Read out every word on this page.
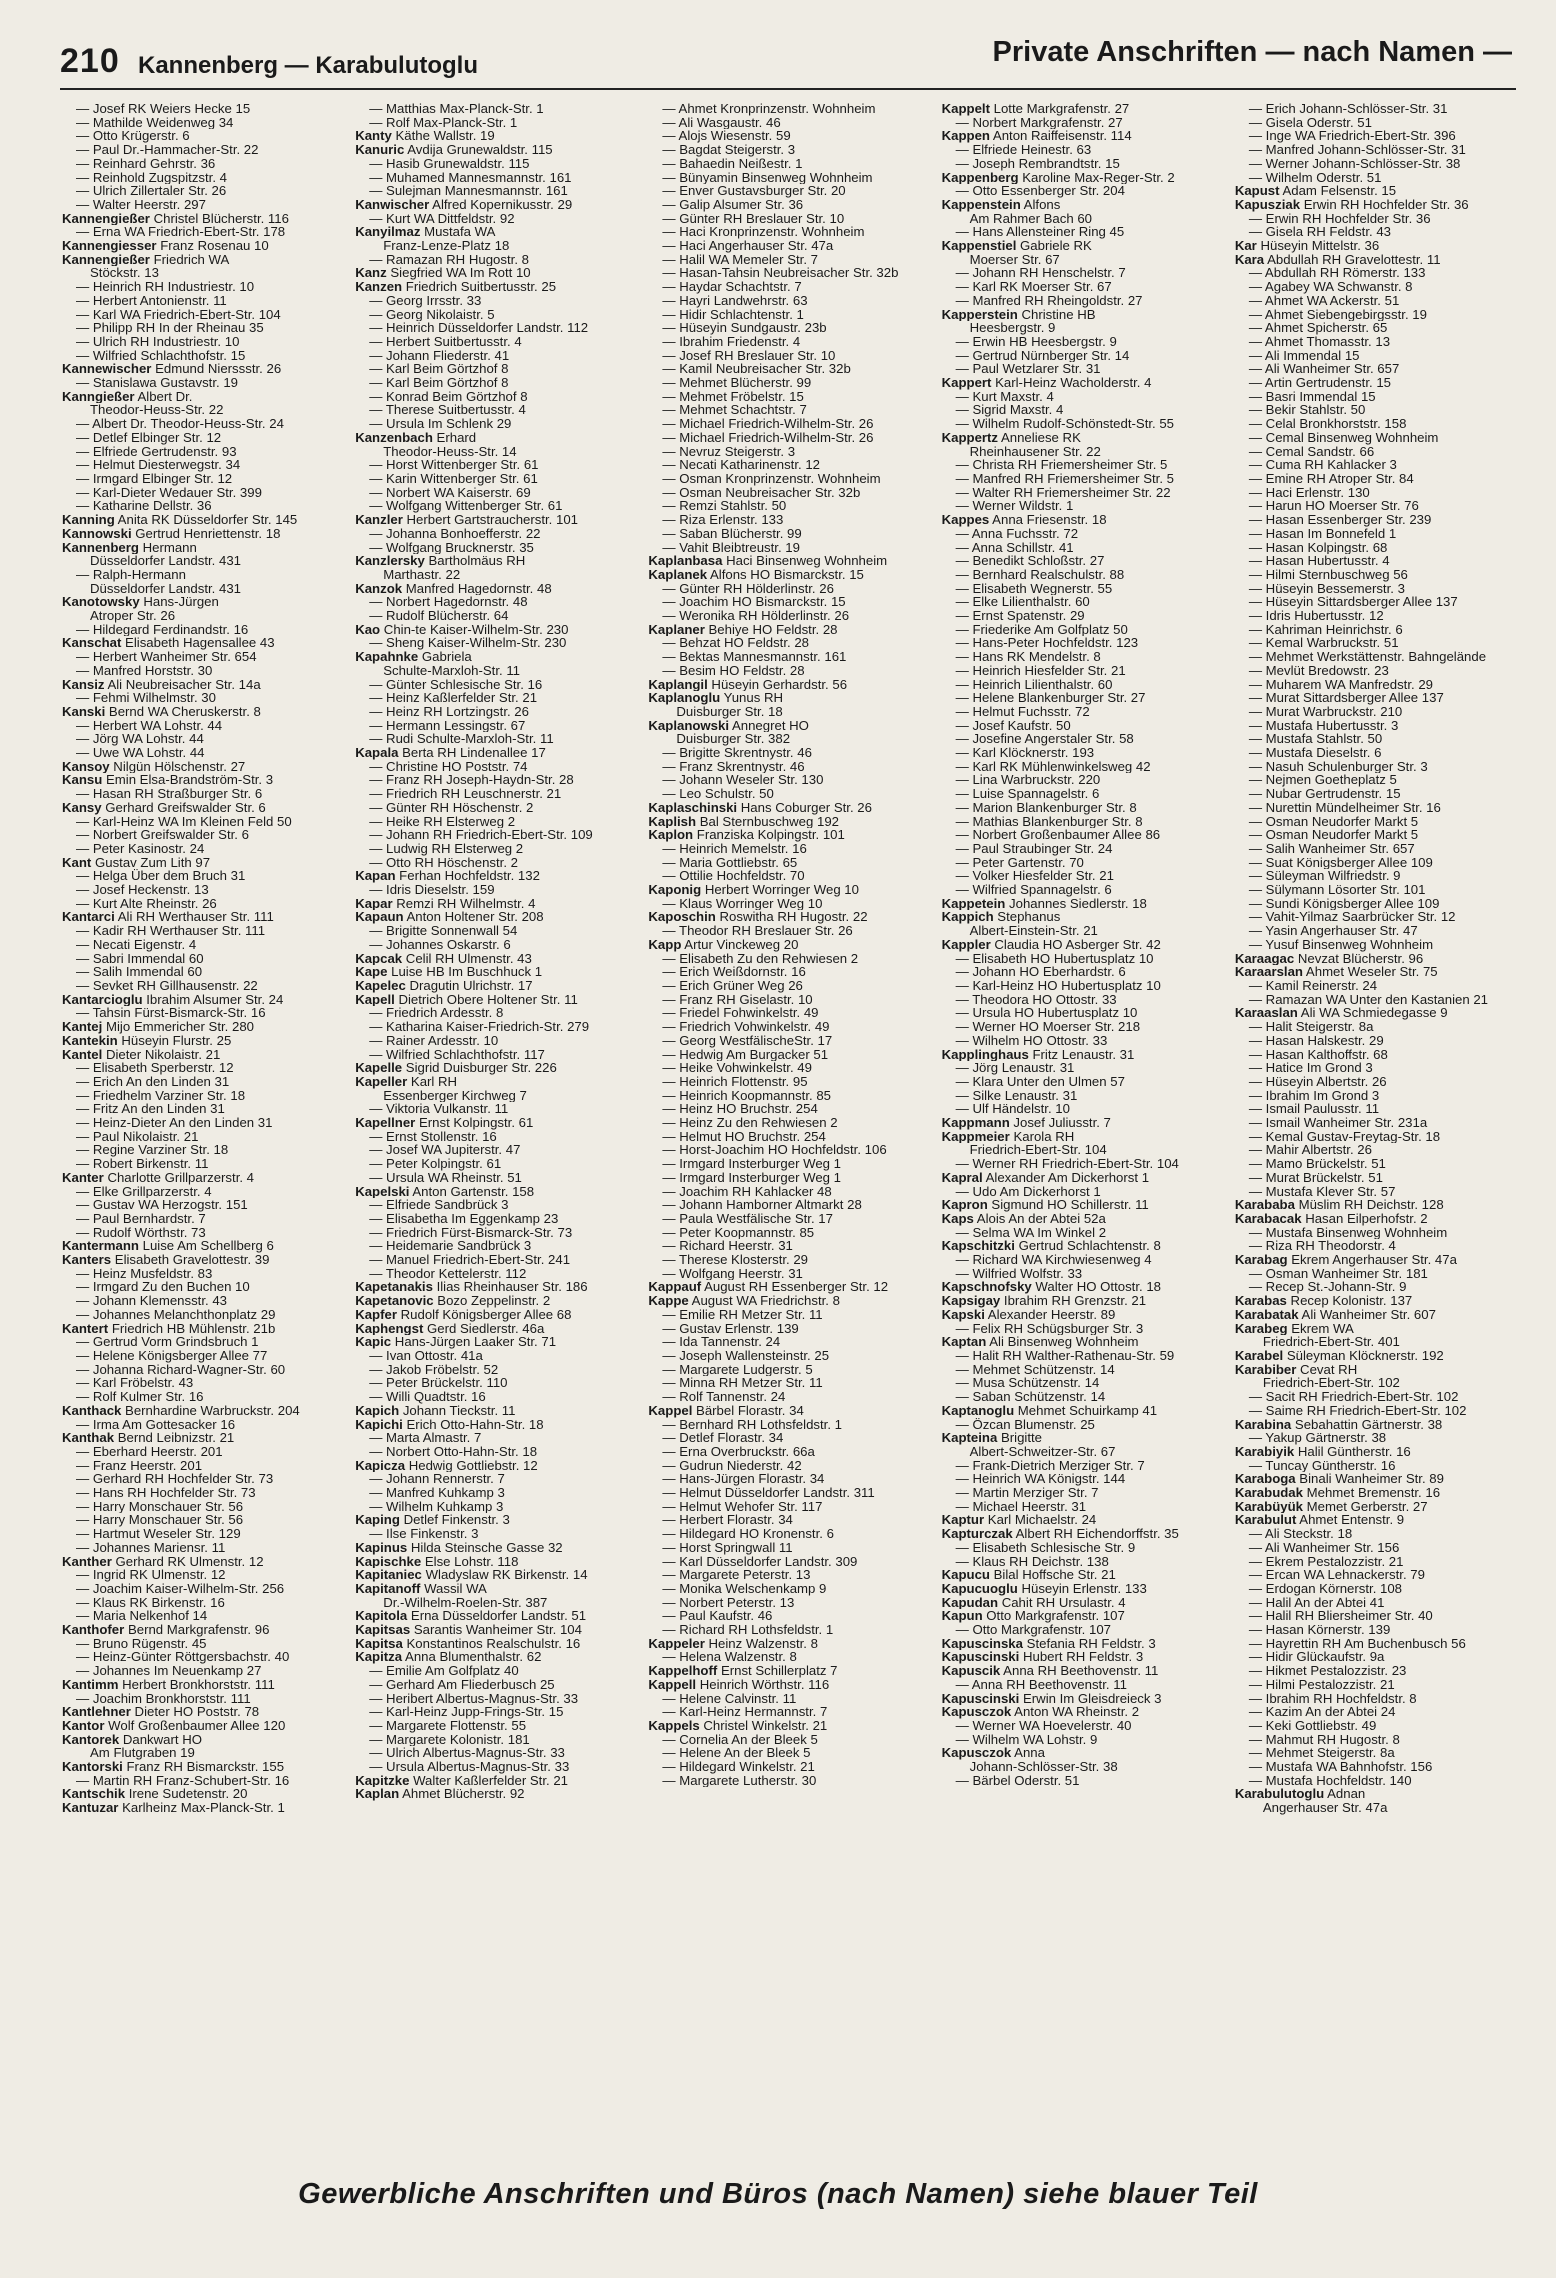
210 Kannenberg — Karabulutoglu	Private Anschriften — nach Namen —
— Josef RK Weiers Hecke 15
— Mathilde Weidenweg 34
— Otto Krügerstr. 6
— Paul Dr.-Hammacher-Str. 22
— Reinhard Gehrstr. 36
— Reinhold Zugspitzstr. 4
— Ulrich Zillertaler Str. 26
— Walter Heerstr. 297
Kannengießer Christel Blücherstr. 116
— Erna WA Friedrich-Ebert-Str. 178
Kannengiesser Franz Rosenau 10
Kannengießer Friedrich WA
Stöckstr. 13
— Heinrich RH Industriestr. 10
— Herbert Antonienstr. 11
— Karl WA Friedrich-Ebert-Str. 104
— Philipp RH In der Rheinau 35
— Ulrich RH Industriestr. 10
— Wilfried Schlachthofstr. 15
Kannewischer Edmund Nierssstr. 26
— Stanislawa Gustavstr. 19
Kanngießer Albert Dr.
Theodor-Heuss-Str. 22
— Albert Dr. Theodor-Heuss-Str. 24
— Detlef Elbinger Str. 12
— Elfriede Gertrudenstr. 93
— Helmut Diesterwegstr. 34
— Irmgard Elbinger Str. 12
— Karl-Dieter Wedauer Str. 399
— Katharine Dellstr. 36
Kanning Anita RK Düsseldorfer Str. 145
Kannowski Gertrud Henriettenstr. 18
Kannenberg Hermann
Düsseldorfer Landstr. 431
— Ralph-Hermann
Düsseldorfer Landstr. 431
Kanotowsky Hans-Jürgen
Atroper Str. 26
— Hildegard Ferdinandstr. 16
Kanschat Elisabeth Hagensallee 43
— Herbert Wanheimer Str. 654
— Manfred Horststr. 30
Kansiz Ali Neubreisacher Str. 14a
— Fehmi Wilhelmstr. 30
Kanski Bernd WA Cheruskerstr. 8
— Herbert WA Lohstr. 44
— Jörg WA Lohstr. 44
— Uwe WA Lohstr. 44
Kansoy Nilgün Hölschenstr. 27
Kansu Emin Elsa-Brandström-Str. 3
— Hasan RH Straßburger Str. 6
Kansy Gerhard Greifswalder Str. 6
— Karl-Heinz WA Im Kleinen Feld 50
— Norbert Greifswalder Str. 6
— Peter Kasinostr. 24
Kant Gustav Zum Lith 97
— Helga Über dem Bruch 31
— Josef Heckenstr. 13
— Kurt Alte Rheinstr. 26
Kantarci Ali RH Werthauser Str. 111
— Kadir RH Werthauser Str. 111
— Necati Eigenstr. 4
— Sabri Immendal 60
— Salih Immendal 60
— Sevket RH Gillhausenstr. 22
Kantarcioglu Ibrahim Alsumer Str. 24
— Tahsin Fürst-Bismarck-Str. 16
Kantej Mijo Emmericher Str. 280
Kantekin Hüseyin Flurstr. 25
Kantel Dieter Nikolaistr. 21
— Elisabeth Sperberstr. 12
— Erich An den Linden 31
— Friedhelm Varziner Str. 18
— Fritz An den Linden 31
— Heinz-Dieter An den Linden 31
— Paul Nikolaistr. 21
— Regine Varziner Str. 18
— Robert Birkenstr. 11
Kanter Charlotte Grillparzerstr. 4
— Elke Grillparzerstr. 4
— Gustav WA Herzogstr. 151
— Paul Bernhardstr. 7
— Rudolf Wörthstr. 73
Kantermann Luise Am Schellberg 6
Kanters Elisabeth Gravelottestr. 39
— Heinz Musfeldstr. 83
— Irmgard Zu den Buchen 10
— Johann Klemensstr. 43
— Johannes Melanchthonplatz 29
Kantert Friedrich HB Mühlenstr. 21b
— Gertrud Vorm Grindsbruch 1
— Helene Königsberger Allee 77
— Johanna Richard-Wagner-Str. 60
— Karl Fröbelstr. 43
— Rolf Kulmer Str. 16
Kanthack Bernhardine Warbruckstr. 204
— Irma Am Gottesacker 16
Kanthak Bernd Leibnizstr. 21
— Eberhard Heerstr. 201
— Franz Heerstr. 201
— Gerhard RH Hochfelder Str. 73
— Hans RH Hochfelder Str. 73
— Harry Monschauer Str. 56
— Harry Monschauer Str. 56
— Hartmut Weseler Str. 129
— Johannes Mariensr. 11
Kanther Gerhard RK Ulmenstr. 12
— Ingrid RK Ulmenstr. 12
— Joachim Kaiser-Wilhelm-Str. 256
— Klaus RK Birkenstr. 16
— Maria Nelkenhof 14
Kanthofer Bernd Markgrafenstr. 96
— Bruno Rügenstr. 45
— Heinz-Günter Röttgersbachstr. 40
— Johannes Im Neuenkamp 27
Kantimm Herbert Bronkhorststr. 111
— Joachim Bronkhorststr. 111
Kantlehner Dieter HO Poststr. 78
Kantor Wolf Großenbaumer Allee 120
Kantorek Dankwart HO
Am Flutgraben 19
Kantorski Franz RH Bismarckstr. 155
— Martin RH Franz-Schubert-Str. 16
Kantschik Irene Sudetenstr. 20
Kantuzar Karlheinz Max-Planck-Str. 1
— Matthias Max-Planck-Str. 1
— Rolf Max-Planck-Str. 1
Kanty Käthe Wallstr. 19
Kanuric Avdija Grunewaldstr. 115
— Hasib Grunewaldstr. 115
— Muhamed Mannesmannstr. 161
— Sulejman Mannesmannstr. 161
Kanwischer Alfred Kopernikusstr. 29
— Kurt WA Dittfeldstr. 92
Kanyilmaz Mustafa WA
Franz-Lenze-Platz 18
— Ramazan RH Hugostr. 8
Kanz Siegfried WA Im Rott 10
Kanzen Friedrich Suitbertusstr. 25
— Georg Irrsstr. 33
— Georg Nikolaistr. 5
— Heinrich Düsseldorfer Landstr. 112
— Herbert Suitbertusstr. 4
— Johann Fliederstr. 41
— Karl Beim Görtzhof 8
— Karl Beim Görtzhof 8
— Konrad Beim Görtzhof 8
— Therese Suitbertusstr. 4
— Ursula Im Schlenk 29
Kanzenbach Erhard
Theodor-Heuss-Str. 14
— Horst Wittenberger Str. 61
— Karin Wittenberger Str. 61
— Norbert WA Kaiserstr. 69
— Wolfgang Wittenberger Str. 61
Kanzler Herbert Gartstraucherstr. 101
— Johanna Bonhoefferstr. 22
— Wolfgang Brucknerstr. 35
Kanzlersky Bartholmäus RH
Marthastr. 22
Kanzok Manfred Hagedornstr. 48
— Norbert Hagedornstr. 48
— Rudolf Blücherstr. 64
Kao Chin-te Kaiser-Wilhelm-Str. 230
— Sheng Kaiser-Wilhelm-Str. 230
Kapahnke Gabriela
Schulte-Marxloh-Str. 11
— Günter Schlesische Str. 16
— Heinz Kaßlerfelder Str. 21
— Heinz RH Lortzingstr. 26
— Hermann Lessingstr. 67
— Rudi Schulte-Marxloh-Str. 11
Kapala Berta RH Lindenallee 17
— Christine HO Poststr. 74
— Franz RH Joseph-Haydn-Str. 28
— Friedrich RH Leuschnerstr. 21
— Günter RH Höschenstr. 2
— Heike RH Elsterweg 2
— Johann RH Friedrich-Ebert-Str. 109
— Ludwig RH Elsterweg 2
— Otto RH Höschenstr. 2
Kapan Ferhan Hochfeldstr. 132
— Idris Dieselstr. 159
Kapar Remzi RH Wilhelmstr. 4
Kapaun Anton Holtener Str. 208
— Brigitte Sonnenwall 54
— Johannes Oskarstr. 6
Kapcak Celil RH Ulmenstr. 43
Kape Luise HB Im Buschhuck 1
Kapelec Dragutin Ulrichstr. 17
Kapell Dietrich Obere Holtener Str. 11
— Friedrich Ardesstr. 8
— Katharina Kaiser-Friedrich-Str. 279
— Rainer Ardesstr. 10
— Wilfried Schlachthofstr. 117
Kapelle Sigrid Duisburger Str. 226
Kapeller Karl RH
Essenberger Kirchweg 7
— Viktoria Vulkanstr. 11
Kapellner Ernst Kolpingstr. 61
— Ernst Stollenstr. 16
— Josef WA Jupiterstr. 47
— Peter Kolpingstr. 61
— Ursula WA Rheinstr. 51
Kapelski Anton Gartenstr. 158
— Elfriede Sandbrück 3
— Elisabetha Im Eggenkamp 23
— Friedrich Fürst-Bismarck-Str. 73
— Heidemarie Sandbrück 3
— Manuel Friedrich-Ebert-Str. 241
— Theodor Kettelerstr. 112
Kapetanakis Ilias Rheinhauser Str. 186
Kapetanovic Bozo Zeppelinstr. 2
Kapfer Rudolf Königsberger Allee 68
Kaphengst Gerd Siedlerstr. 46a
Kapic Hans-Jürgen Laaker Str. 71
— Ivan Ottostr. 41a
— Jakob Fröbelstr. 52
— Peter Brückelstr. 110
— Willi Quadtstr. 16
Kapich Johann Tieckstr. 11
Kapichi Erich Otto-Hahn-Str. 18
— Marta Almastr. 7
— Norbert Otto-Hahn-Str. 18
Kapicza Hedwig Gottliebstr. 12
— Johann Rennerstr. 7
— Manfred Kuhkamp 3
— Wilhelm Kuhkamp 3
Kaping Detlef Finkenstr. 3
— Ilse Finkenstr. 3
Kapinus Hilda Steinsche Gasse 32
Kapischke Else Lohstr. 118
Kapitaniec Wladyslaw RK Birkenstr. 14
Kapitanoff Wassil WA
Dr.-Wilhelm-Roelen-Str. 387
Kapitola Erna Düsseldorfer Landstr. 51
Kapitsas Sarantis Wanheimer Str. 104
Kapitsa Konstantinos Realschulstr. 16
Kapitza Anna Blumenthalstr. 62
— Emilie Am Golfplatz 40
— Gerhard Am Fliederbusch 25
— Heribert Albertus-Magnus-Str. 33
— Karl-Heinz Jupp-Frings-Str. 15
— Margarete Flottenstr. 55
— Margarete Kolonistr. 181
— Ulrich Albertus-Magnus-Str. 33
— Ursula Albertus-Magnus-Str. 33
Kapitzke Walter Kaßlerfelder Str. 21
Kaplan Ahmet Blücherstr. 92
— Ahmet Kronprinzenstr. Wohnheim
— Ali Wasgaustr. 46
— Alojs Wiesenstr. 59
— Bagdat Steigerstr. 3
— Bahaedin Neißestr. 1
— Bünyamin Binsenweg Wohnheim
— Enver Gustavsburger Str. 20
— Galip Alsumer Str. 36
— Günter RH Breslauer Str. 10
— Haci Kronprinzenstr. Wohnheim
— Haci Angerhauser Str. 47a
— Halil WA Memeler Str. 7
— Hasan-Tahsin Neubreisacher Str. 32b
— Haydar Schachtstr. 7
— Hayri Landwehrstr. 63
— Hidir Schlachtenstr. 1
— Hüseyin Sundgaustr. 23b
— Ibrahim Friedenstr. 4
— Josef RH Breslauer Str. 10
— Kamil Neubreisacher Str. 32b
— Mehmet Blücherstr. 99
— Mehmet Fröbelstr. 15
— Mehmet Schachtstr. 7
— Michael Friedrich-Wilhelm-Str. 26
— Michael Friedrich-Wilhelm-Str. 26
— Nevruz Steigerstr. 3
— Necati Katharinenstr. 12
— Osman Kronprinzenstr. Wohnheim
— Osman Neubreisacher Str. 32b
— Remzi Stahlstr. 50
— Riza Erlenstr. 133
— Saban Blücherstr. 99
— Vahit Bleibtreustr. 19
Kaplanbasa Haci Binsenweg Wohnheim
Kaplanek Alfons HO Bismarckstr. 15
— Günter RH Hölderlinstr. 26
— Joachim HO Bismarckstr. 15
— Weronika RH Hölderlinstr. 26
Kaplaner Behiye HO Feldstr. 28
— Behzat HO Feldstr. 28
— Bektas Mannesmannstr. 161
— Besim HO Feldstr. 28
Kaplangil Hüseyin Gerhardstr. 56
Kaplanoglu Yunus RH
Duisburger Str. 18
Kaplanowski Annegret HO
Duisburger Str. 382
— Brigitte Skrentnystr. 46
— Franz Skrentnystr. 46
— Johann Weseler Str. 130
— Leo Schulstr. 50
Kaplaschinski Hans Coburger Str. 26
Kaplish Bal Sternbuschweg 192
Kaplon Franziska Kolpingstr. 101
— Heinrich Memelstr. 16
— Maria Gottliebstr. 65
— Ottilie Hochfeldstr. 70
Kaponig Herbert Worringer Weg 10
— Klaus Worringer Weg 10
Kaposchin Roswitha RH Hugostr. 22
— Theodor RH Breslauer Str. 26
Kapp Artur Vinckeweg 20
— Elisabeth Zu den Rehwiesen 2
— Erich Weißdornstr. 16
— Erich Grüner Weg 26
— Franz RH Giselastr. 10
— Friedel Fohwinkelstr. 49
— Friedrich Vohwinkelstr. 49
— Georg WestfälischeStr. 17
— Hedwig Am Burgacker 51
— Heike Vohwinkelstr. 49
— Heinrich Flottenstr. 95
— Heinrich Koopmannstr. 85
— Heinz HO Bruchstr. 254
— Heinz Zu den Rehwiesen 2
— Helmut HO Bruchstr. 254
— Horst-Joachim HO Hochfeldstr. 106
— Irmgard Insterburger Weg 1
— Irmgard Insterburger Weg 1
— Joachim RH Kahlacker 48
— Johann Hamborner Altmarkt 28
— Paula Westfälische Str. 17
— Peter Koopmannstr. 85
— Richard Heerstr. 31
— Therese Klosterstr. 29
— Wolfgang Heerstr. 31
Kappauf August RH Essenberger Str. 12
Kappe August WA Friedrichstr. 8
— Emilie RH Metzer Str. 11
— Gustav Erlenstr. 139
— Ida Tannenstr. 24
— Joseph Wallensteinstr. 25
— Margarete Ludgerstr. 5
— Minna RH Metzer Str. 11
— Rolf Tannenstr. 24
Kappel Bärbel Florastr. 34
— Bernhard RH Lothsfeldstr. 1
— Detlef Florastr. 34
— Erna Overbruckstr. 66a
— Gudrun Niederstr. 42
— Hans-Jürgen Florastr. 34
— Helmut Düsseldorfer Landstr. 311
— Helmut Wehofer Str. 117
— Herbert Florastr. 34
— Hildegard HO Kronenstr. 6
— Horst Springwall 11
— Karl Düsseldorfer Landstr. 309
— Margarete Peterstr. 13
— Monika Welschenkamp 9
— Norbert Peterstr. 13
— Paul Kaufstr. 46
— Richard RH Lothsfeldstr. 1
Kappeler Heinz Walzenstr. 8
— Helena Walzenstr. 8
Kappelhoff Ernst Schillerplatz 7
Kappell Heinrich Wörthstr. 116
— Helene Calvinstr. 11
— Karl-Heinz Hermannstr. 7
Kappels Christel Winkelstr. 21
— Cornelia An der Bleek 5
— Helene An der Bleek 5
— Hildegard Winkelstr. 21
— Margarete Lutherstr. 30
Kappelt Lotte Markgrafenstr. 27
— Norbert Markgrafenstr. 27
Kappen Anton Raiffeisenstr. 114
— Elfriede Heinestr. 63
— Joseph Rembrandtstr. 15
Kappenberg Karoline Max-Reger-Str. 2
— Otto Essenberger Str. 204
Kappenstein Alfons
Am Rahmer Bach 60
— Hans Allensteiner Ring 45
Kappenstiel Gabriele RK
Moerser Str. 67
— Johann RH Henschelstr. 7
— Karl RK Moerser Str. 67
— Manfred RH Rheingoldstr. 27
Kapperstein Christine HB
Heesbergstr. 9
— Erwin HB Heesbergstr. 9
— Gertrud Nürnberger Str. 14
— Paul Wetzlarer Str. 31
Kappert Karl-Heinz Wacholderstr. 4
— Kurt Maxstr. 4
— Sigrid Maxstr. 4
— Wilhelm Rudolf-Schönstedt-Str. 55
Kappertz Anneliese RK
Rheinhausener Str. 22
— Christa RH Friemersheimer Str. 5
— Manfred RH Friemersheimer Str. 5
— Walter RH Friemersheimer Str. 22
— Werner Wildstr. 1
Kappes Anna Friesenstr. 18
— Anna Fuchsstr. 72
— Anna Schillstr. 41
— Benedikt Schloßstr. 27
— Bernhard Realschulstr. 88
— Elisabeth Wegnerstr. 55
— Elke Lilienthalstr. 60
— Ernst Spatenstr. 29
— Friederike Am Golfplatz 50
— Hans-Peter Hochfeldstr. 123
— Hans RK Mendelstr. 8
— Heinrich Hiesfelder Str. 21
— Heinrich Lilienthalstr. 60
— Helene Blankenburger Str. 27
— Helmut Fuchsstr. 72
— Josef Kaufstr. 50
— Josefine Angerstaler Str. 58
— Karl Klöcknerstr. 193
— Karl RK Mühlenwinkelsweg 42
— Lina Warbruckstr. 220
— Luise Spannagelstr. 6
— Marion Blankenburger Str. 8
— Mathias Blankenburger Str. 8
— Norbert Großenbaumer Allee 86
— Paul Straubinger Str. 24
— Peter Gartenstr. 70
— Volker Hiesfelder Str. 21
— Wilfried Spannagelstr. 6
Kappetein Johannes Siedlerstr. 18
Kappich Stephanus
Albert-Einstein-Str. 21
Kappler Claudia HO Asberger Str. 42
— Elisabeth HO Hubertusplatz 10
— Johann HO Eberhardstr. 6
— Karl-Heinz HO Hubertusplatz 10
— Theodora HO Ottostr. 33
— Ursula HO Hubertusplatz 10
— Werner HO Moerser Str. 218
— Wilhelm HO Ottostr. 33
Kapplinghaus Fritz Lenaustr. 31
— Jörg Lenaustr. 31
— Klara Unter den Ulmen 57
— Silke Lenaustr. 31
— Ulf Händelstr. 10
Kappmann Josef Juliusstr. 7
Kappmeier Karola RH
Friedrich-Ebert-Str. 104
— Werner RH Friedrich-Ebert-Str. 104
Kapral Alexander Am Dickerhorst 1
— Udo Am Dickerhorst 1
Kapron Sigmund HO Schillerstr. 11
Kaps Alois An der Abtei 52a
— Selma WA Im Winkel 2
Kapschitzki Gertrud Schlachtenstr. 8
— Richard WA Kirchwiesenweg 4
— Wilfried Wolfstr. 33
Kapschnofsky Walter HO Ottostr. 18
Kapsigay Ibrahim RH Grenzstr. 21
Kapski Alexander Heerstr. 89
— Felix RH Schügsburger Str. 3
Kaptan Ali Binsenweg Wohnheim
— Halit RH Walther-Rathenau-Str. 59
— Mehmet Schützenstr. 14
— Musa Schützenstr. 14
— Saban Schützenstr. 14
Kaptanoglu Mehmet Schuirkamp 41
— Özcan Blumenstr. 25
Kapteina Brigitte
Albert-Schweitzer-Str. 67
— Frank-Dietrich Merziger Str. 7
— Heinrich WA Königstr. 144
— Martin Merziger Str. 7
— Michael Heerstr. 31
Kaptur Karl Michaelstr. 24
Kapturczak Albert RH Eichendorffstr. 35
— Elisabeth Schlesische Str. 9
— Klaus RH Deichstr. 138
Kapucu Bilal Hoffsche Str. 21
Kapucuoglu Hüseyin Erlenstr. 133
Kapudan Cahit RH Ursulastr. 4
Kapun Otto Markgrafenstr. 107
— Otto Markgrafenstr. 107
Kapuscinska Stefania RH Feldstr. 3
Kapuscinski Hubert RH Feldstr. 3
Kapuscik Anna RH Beethovenstr. 11
— Anna RH Beethovenstr. 11
Kapuscinski Erwin Im Gleisdreieck 3
Kapusczok Anton WA Rheinstr. 2
— Werner WA Hoevelerstr. 40
— Wilhelm WA Lohstr. 9
Kapusczok Anna
Johann-Schlösser-Str. 38
— Bärbel Oderstr. 51
— Erich Johann-Schlösser-Str. 31
— Gisela Oderstr. 51
— Inge WA Friedrich-Ebert-Str. 396
— Manfred Johann-Schlösser-Str. 31
— Werner Johann-Schlösser-Str. 38
— Wilhelm Oderstr. 51
Kapust Adam Felsenstr. 15
Kapusziak Erwin RH Hochfelder Str. 36
— Erwin RH Hochfelder Str. 36
— Gisela RH Feldstr. 43
Kar Hüseyin Mittelstr. 36
Kara Abdullah RH Gravelottestr. 11
— Abdullah RH Römerstr. 133
— Agabey WA Schwanstr. 8
— Ahmet WA Ackerstr. 51
— Ahmet Siebengebirgsstr. 19
— Ahmet Spicherstr. 65
— Ahmet Thomasstr. 13
— Ali Immendal 15
— Ali Wanheimer Str. 657
— Artin Gertrudenstr. 15
— Basri Immendal 15
— Bekir Stahlstr. 50
— Celal Bronkhorststr. 158
— Cemal Binsenweg Wohnheim
— Cemal Sandstr. 66
— Cuma RH Kahlacker 3
— Emine RH Atroper Str. 84
— Haci Erlenstr. 130
— Harun HO Moerser Str. 76
— Hasan Essenberger Str. 239
— Hasan Im Bonnefeld 1
— Hasan Kolpingstr. 68
— Hasan Hubertusstr. 4
— Hilmi Sternbuschweg 56
— Hüseyin Bessemerstr. 3
— Hüseyin Sittardsberger Allee 137
— Idris Hubertusstr. 12
— Kahriman Heinrichstr. 6
— Kemal Warbruckstr. 51
— Mehmet Werkstättenstr. Bahngelände
— Mevlüt Bredowstr. 23
— Muharem WA Manfredstr. 29
— Murat Sittardsberger Allee 137
— Murat Warbruckstr. 210
— Mustafa Hubertusstr. 3
— Mustafa Stahlstr. 50
— Mustafa Dieselstr. 6
— Nasuh Schulenburger Str. 3
— Nejmen Goetheplatz 5
— Nubar Gertrudenstr. 15
— Nurettin Mündelheimer Str. 16
— Osman Neudorfer Markt 5
— Osman Neudorfer Markt 5
— Salih Wanheimer Str. 657
— Suat Königsberger Allee 109
— Süleyman Wilfriedstr. 9
— Sülymann Lösorter Str. 101
— Sundi Königsberger Allee 109
— Vahit-Yilmaz Saarbrücker Str. 12
— Yasin Angerhauser Str. 47
— Yusuf Binsenweg Wohnheim
Karaagac Nevzat Blücherstr. 96
Karaarslan Ahmet Weseler Str. 75
— Kamil Reinerstr. 24
— Ramazan WA Unter den Kastanien 21
Karaaslan Ali WA Schmiedegasse 9
— Halit Steigerstr. 8a
— Hasan Halskestr. 29
— Hasan Kalthoffstr. 68
— Hatice Im Grond 3
— Hüseyin Albertstr. 26
— Ibrahim Im Grond 3
— Ismail Paulusstr. 11
— Ismail Wanheimer Str. 231a
— Kemal Gustav-Freytag-Str. 18
— Mahir Albertstr. 26
— Mamo Brückelstr. 51
— Murat Brückelstr. 51
— Mustafa Klever Str. 57
Karababa Müslim RH Deichstr. 128
Karabacak Hasan Eilperhofstr. 2
— Mustafa Binsenweg Wohnheim
— Riza RH Theodorstr. 4
Karabag Ekrem Angerhauser Str. 47a
— Osman Wanheimer Str. 181
— Recep St.-Johann-Str. 9
Karabas Recep Kolonistr. 137
Karabatak Ali Wanheimer Str. 607
Karabeg Ekrem WA
Friedrich-Ebert-Str. 401
Karabel Süleyman Klöcknerstr. 192
Karabiber Cevat RH
Friedrich-Ebert-Str. 102
— Sacit RH Friedrich-Ebert-Str. 102
— Saime RH Friedrich-Ebert-Str. 102
Karabina Sebahattin Gärtnerstr. 38
— Yakup Gärtnerstr. 38
Karabiyik Halil Güntherstr. 16
— Tuncay Güntherstr. 16
Karaboga Binali Wanheimer Str. 89
Karabudak Mehmet Bremenstr. 16
Karabüyük Memet Gerberstr. 27
Karabulut Ahmet Entenstr. 9
— Ali Steckstr. 18
— Ali Wanheimer Str. 156
— Ekrem Pestalozzistr. 21
— Ercan WA Lehnackerstr. 79
— Erdogan Körnerstr. 108
— Halil An der Abtei 41
— Halil RH Bliersheimer Str. 40
— Hasan Körnerstr. 139
— Hayrettin RH Am Buchenbusch 56
— Hidir Glückaufstr. 9a
— Hikmet Pestalozzistr. 23
— Hilmi Pestalozzistr. 21
— Ibrahim RH Hochfeldstr. 8
— Kazim An der Abtei 24
— Keki Gottliebstr. 49
— Mahmut RH Hugostr. 8
— Mehmet Steigerstr. 8a
— Mustafa WA Bahnhofstr. 156
— Mustafa Hochfeldstr. 140
Karabulutoglu Adnan
Angerhauser Str. 47a
Gewerbliche Anschriften und Büros (nach Namen) siehe blauer Teil
